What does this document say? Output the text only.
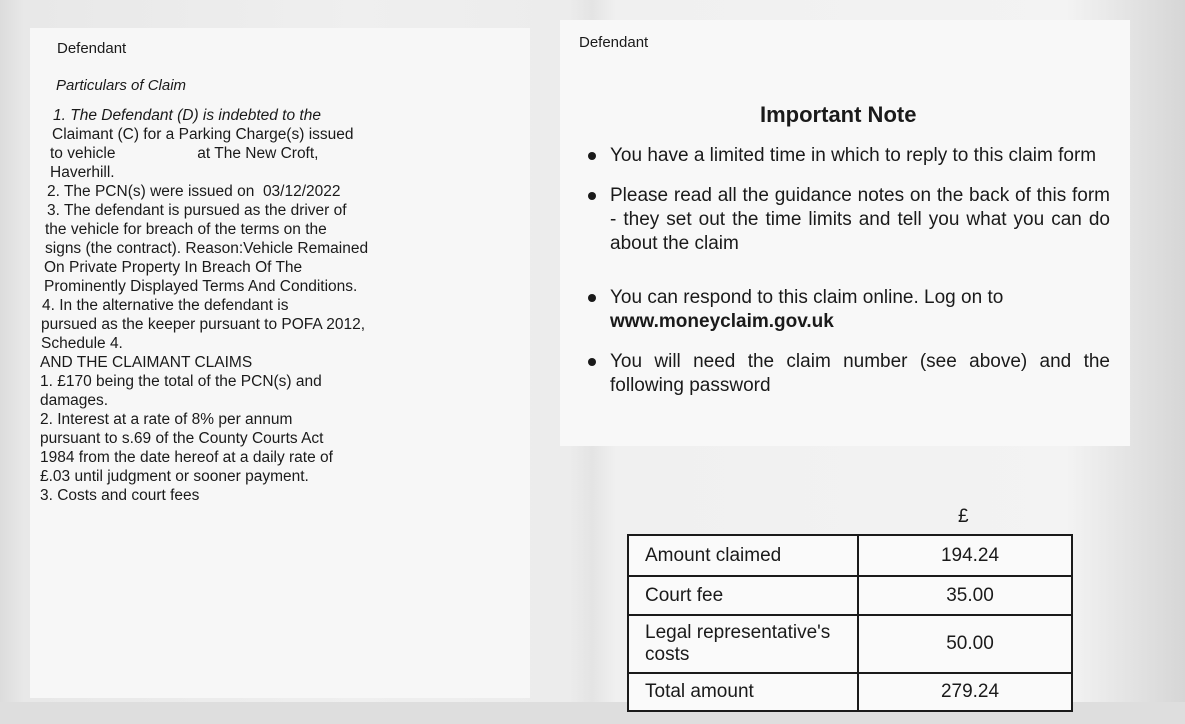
Defendant
Particulars of Claim
1. The Defendant (D) is indebted to the
Claimant (C) for a Parking Charge(s) issued
to vehicle                   at The New Croft,
Haverhill.
2. The PCN(s) were issued on  03/12/2022
3. The defendant is pursued as the driver of
the vehicle for breach of the terms on the
signs (the contract). Reason:Vehicle Remained
On Private Property In Breach Of The
Prominently Displayed Terms And Conditions.
4. In the alternative the defendant is
pursued as the keeper pursuant to POFA 2012,
Schedule 4.
AND THE CLAIMANT CLAIMS
1. £170 being the total of the PCN(s) and
damages.
2. Interest at a rate of 8% per annum
pursuant to s.69 of the County Courts Act
1984 from the date hereof at a daily rate of
£.03 until judgment or sooner payment.
3. Costs and court fees
Defendant
Important Note
You have a limited time in which to reply to this claim form
Please read all the guidance notes on the back of this form - they set out the time limits and tell you what you can do about the claim
You can respond to this claim online. Log on to
www.moneyclaim.gov.uk
You will need the claim number (see above) and the following password
£
Amount claimed	194.24
Court fee	35.00
Legal representative's costs	50.00
Total amount	279.24
